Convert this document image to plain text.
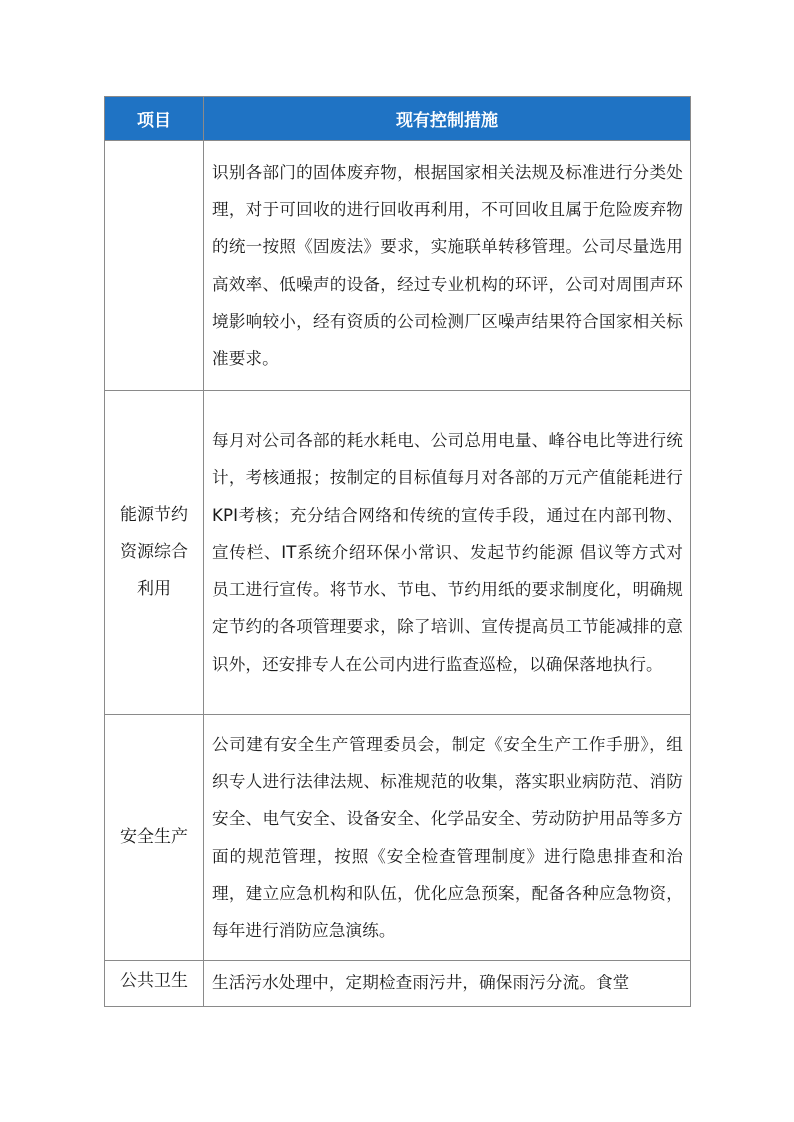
项目	现有控制措施
	识别各部门的固体废弃物，根据国家相关法规及标准进行分类处理，对于可回收的进行回收再利用，不可回收且属于危险废弃物的统一按照《固废法》要求，实施联单转移管理。公司尽量选用高效率、低噪声的设备，经过专业机构的环评，公司对周围声环境影响较小，经有资质的公司检测厂区噪声结果符合国家相关标准要求。
能源节约资源综合利用	每月对公司各部的耗水耗电、公司总用电量、峰谷电比等进行统计，考核通报；按制定的目标值每月对各部的万元产值能耗进行KPI考核；充分结合网络和传统的宣传手段，通过在内部刊物、宣传栏、IT系统介绍环保小常识、发起节约能源 倡议等方式对员工进行宣传。将节水、节电、节约用纸的要求制度化，明确规定节约的各项管理要求，除了培训、宣传提高员工节能减排的意识外，还安排专人在公司内进行监查巡检，以确保落地执行。
安全生产	公司建有安全生产管理委员会，制定《安全生产工作手册》，组织专人进行法律法规、标准规范的收集，落实职业病防范、消防安全、电气安全、设备安全、化学品安全、劳动防护用品等多方面的规范管理，按照《安全检查管理制度》进行隐患排查和治理，建立应急机构和队伍，优化应急预案，配备各种应急物资，每年进行消防应急演练。
公共卫生	生活污水处理中，定期检查雨污井，确保雨污分流。食堂
